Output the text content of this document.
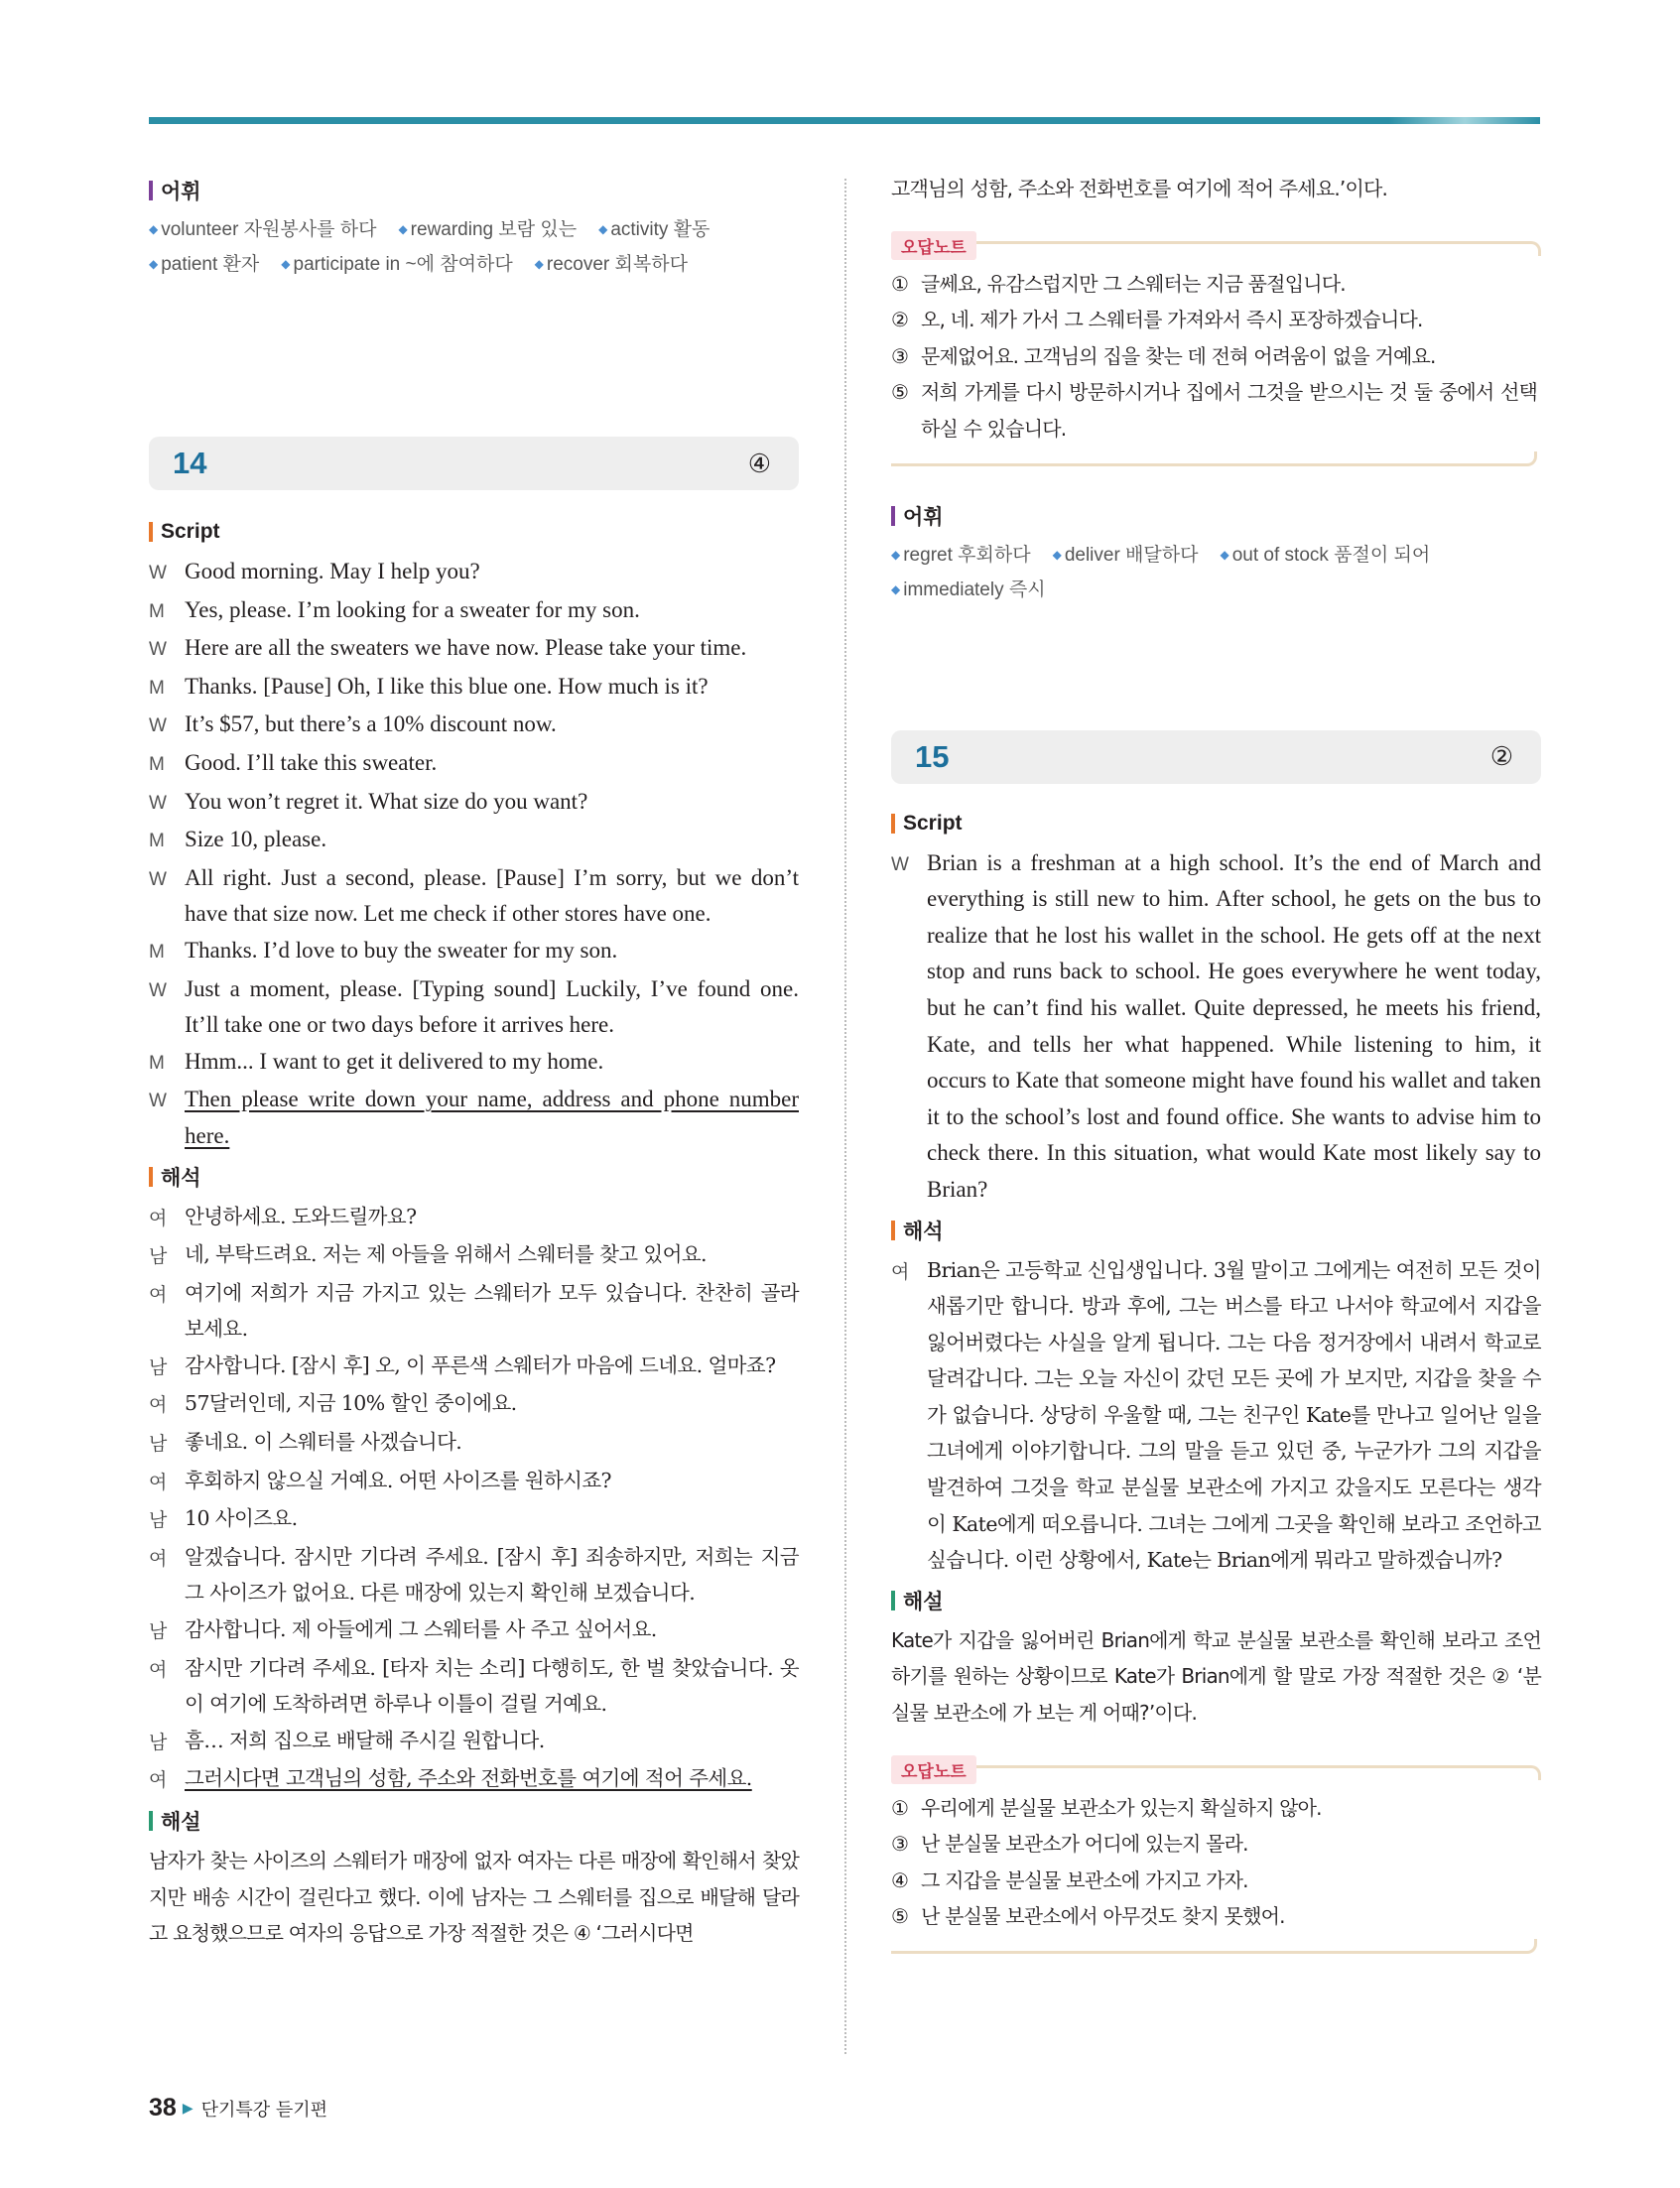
어휘
◆ volunteer 자원봉사를 하다 ◆ rewarding 보람 있는 ◆ activity 활동
◆ patient 환자 ◆ participate in ~에 참여하다 ◆ recover 회복하다
14	④
Script
W Good morning. May I help you?
M Yes, please. I’m looking for a sweater for my son.
W Here are all the sweaters we have now. Please take your time.
M Thanks. [Pause] Oh, I like this blue one. How much is it?
W It’s $57, but there’s a 10% discount now.
M Good. I’ll take this sweater.
W You won’t regret it. What size do you want?
M Size 10, please.
W All right. Just a second, please. [Pause] I’m sorry, but we don’t have that size now. Let me check if other stores have one.
M Thanks. I’d love to buy the sweater for my son.
W Just a moment, please. [Typing sound] Luckily, I’ve found one. It’ll take one or two days before it arrives here.
M Hmm... I want to get it delivered to my home.
W Then please write down your name, address and phone number here.
해석
여 안녕하세요. 도와드릴까요?
남 네, 부탁드려요. 저는 제 아들을 위해서 스웨터를 찾고 있어요.
여 여기에 저희가 지금 가지고 있는 스웨터가 모두 있습니다. 찬찬히 골라 보세요.
남 감사합니다. [잠시 후] 오, 이 푸른색 스웨터가 마음에 드네요. 얼마죠?
여 57달러인데, 지금 10% 할인 중이에요.
남 좋네요. 이 스웨터를 사겠습니다.
여 후회하지 않으실 거예요. 어떤 사이즈를 원하시죠?
남 10 사이즈요.
여 알겠습니다. 잠시만 기다려 주세요. [잠시 후] 죄송하지만, 저희는 지금 그 사이즈가 없어요. 다른 매장에 있는지 확인해 보겠습니다.
남 감사합니다. 제 아들에게 그 스웨터를 사 주고 싶어서요.
여 잠시만 기다려 주세요. [타자 치는 소리] 다행히도, 한 벌 찾았습니다. 옷이 여기에 도착하려면 하루나 이틀이 걸릴 거예요.
남 흠… 저희 집으로 배달해 주시길 원합니다.
여 그러시다면 고객님의 성함, 주소와 전화번호를 여기에 적어 주세요.
해설
남자가 찾는 사이즈의 스웨터가 매장에 없자 여자는 다른 매장에 확인해서 찾았지만 배송 시간이 걸린다고 했다. 이에 남자는 그 스웨터를 집으로 배달해 달라고 요청했으므로 여자의 응답으로 가장 적절한 것은 ④ ‘그러시다면
고객님의 성함, 주소와 전화번호를 여기에 적어 주세요.’이다.
오답노트
① 글쎄요, 유감스럽지만 그 스웨터는 지금 품절입니다.
② 오, 네. 제가 가서 그 스웨터를 가져와서 즉시 포장하겠습니다.
③ 문제없어요. 고객님의 집을 찾는 데 전혀 어려움이 없을 거예요.
⑤ 저희 가게를 다시 방문하시거나 집에서 그것을 받으시는 것 둘 중에서 선택하실 수 있습니다.
어휘
◆ regret 후회하다 ◆ deliver 배달하다 ◆ out of stock 품절이 되어
◆ immediately 즉시
15	②
Script
W Brian is a freshman at a high school. It’s the end of March and everything is still new to him. After school, he gets on the bus to realize that he lost his wallet in the school. He gets off at the next stop and runs back to school. He goes everywhere he went today, but he can’t find his wallet. Quite depressed, he meets his friend, Kate, and tells her what happened. While listening to him, it occurs to Kate that someone might have found his wallet and taken it to the school’s lost and found office. She wants to advise him to check there. In this situation, what would Kate most likely say to Brian?
해석
여 Brian은 고등학교 신입생입니다. 3월 말이고 그에게는 여전히 모든 것이 새롭기만 합니다. 방과 후에, 그는 버스를 타고 나서야 학교에서 지갑을 잃어버렸다는 사실을 알게 됩니다. 그는 다음 정거장에서 내려서 학교로 달려갑니다. 그는 오늘 자신이 갔던 모든 곳에 가 보지만, 지갑을 찾을 수가 없습니다. 상당히 우울할 때, 그는 친구인 Kate를 만나고 일어난 일을 그녀에게 이야기합니다. 그의 말을 듣고 있던 중, 누군가가 그의 지갑을 발견하여 그것을 학교 분실물 보관소에 가지고 갔을지도 모른다는 생각이 Kate에게 떠오릅니다. 그녀는 그에게 그곳을 확인해 보라고 조언하고 싶습니다. 이런 상황에서, Kate는 Brian에게 뭐라고 말하겠습니까?
해설
Kate가 지갑을 잃어버린 Brian에게 학교 분실물 보관소를 확인해 보라고 조언하기를 원하는 상황이므로 Kate가 Brian에게 할 말로 가장 적절한 것은 ② ‘분실물 보관소에 가 보는 게 어때?’이다.
오답노트
① 우리에게 분실물 보관소가 있는지 확실하지 않아.
③ 난 분실물 보관소가 어디에 있는지 몰라.
④ 그 지갑을 분실물 보관소에 가지고 가자.
⑤ 난 분실물 보관소에서 아무것도 찾지 못했어.
38 ▶ 단기특강 듣기편
